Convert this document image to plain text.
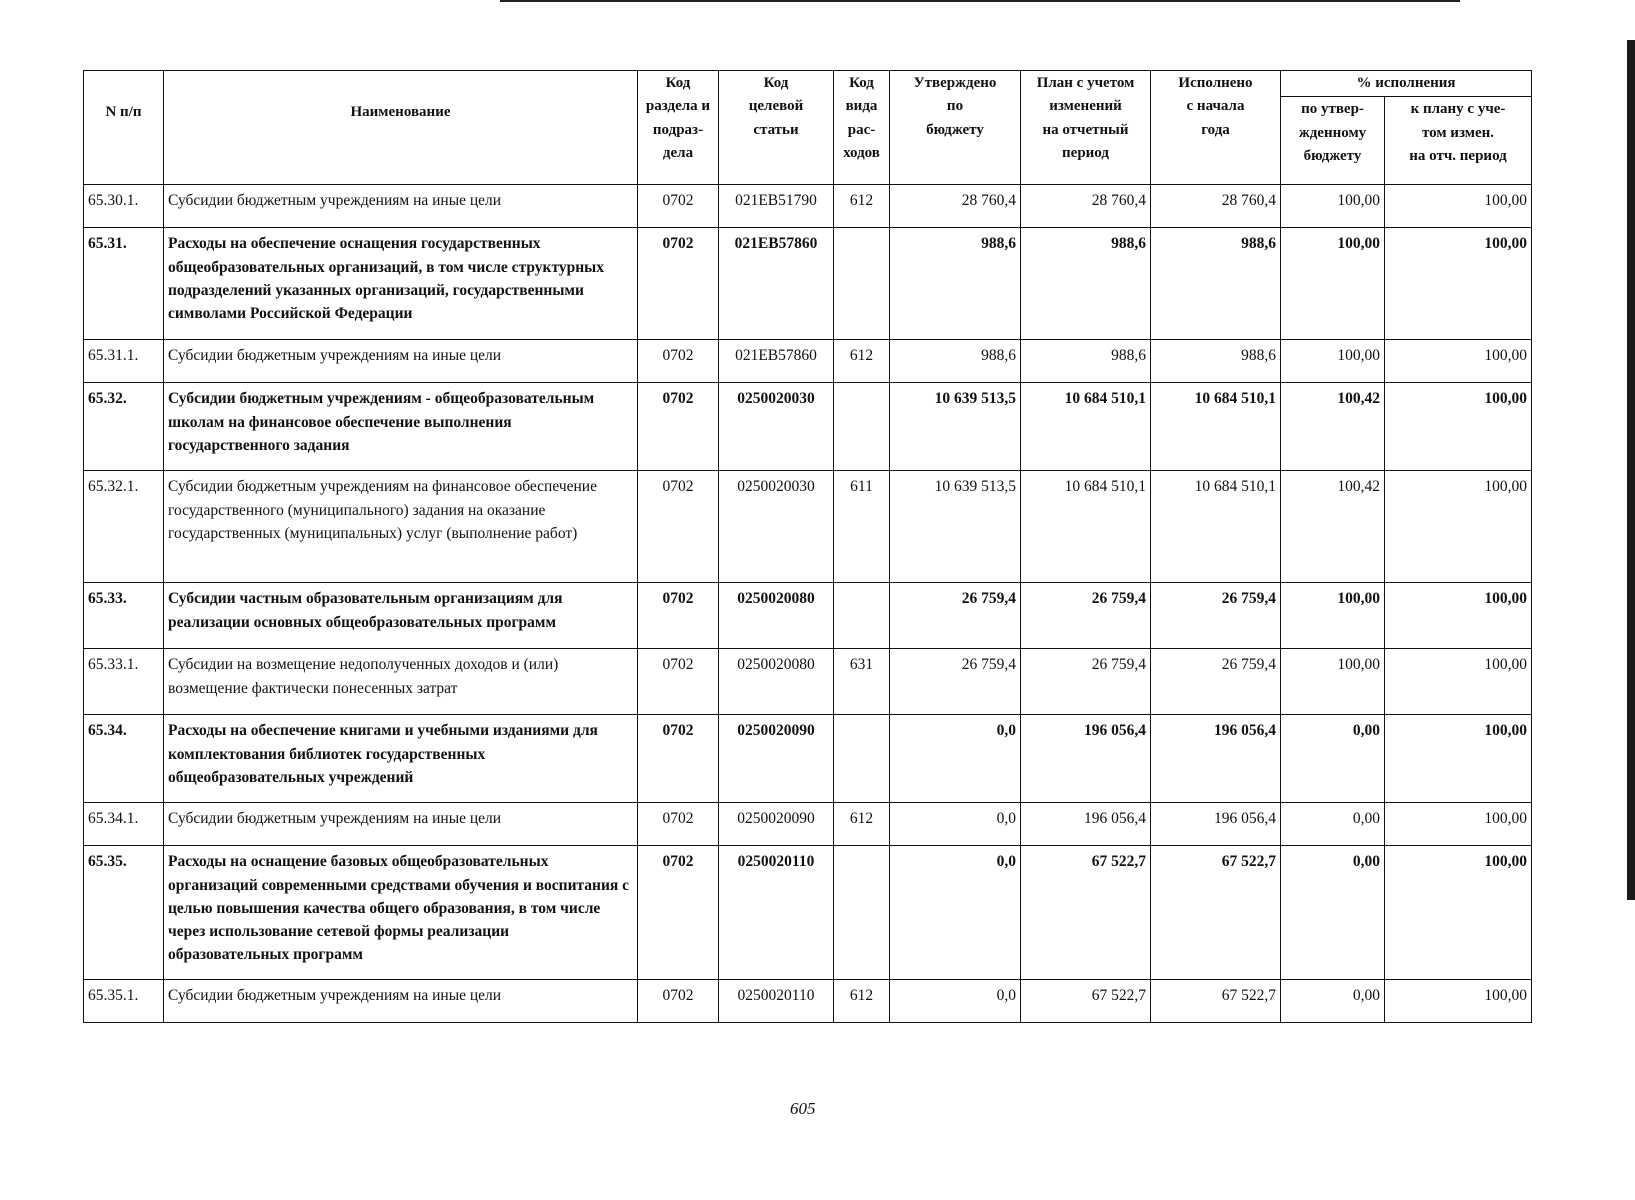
N п/п	Наименование	Код
раздела и
подраз-
дела	Код
целевой
статьи	Код
вида
рас-
ходов	Утверждено
по
бюджету	План с учетом
изменений
на отчетный
период	Исполнено
с начала
года	% исполнения	
								по утвер-
жденному
бюджету	к плану с уче-
том измен.
на отч. период
65.30.1.	Субсидии бюджетным учреждениям на иные цели	0702	021EB51790	612	28 760,4	28 760,4	28 760,4	100,00	100,00
65.31.	Расходы на обеспечение оснащения государственных общеобразовательных организаций, в том числе структурных подразделений указанных организаций, государственными символами Российской Федерации	0702	021EB57860		988,6	988,6	988,6	100,00	100,00
65.31.1.	Субсидии бюджетным учреждениям на иные цели	0702	021EB57860	612	988,6	988,6	988,6	100,00	100,00
65.32.	Субсидии бюджетным учреждениям - общеобразовательным школам на финансовое обеспечение выполнения государственного задания	0702	0250020030		10 639 513,5	10 684 510,1	10 684 510,1	100,42	100,00
65.32.1.	Субсидии бюджетным учреждениям на финансовое обеспечение государственного (муниципального) задания на оказание государственных (муниципальных) услуг (выполнение работ)	0702	0250020030	611	10 639 513,5	10 684 510,1	10 684 510,1	100,42	100,00
65.33.	Субсидии частным образовательным организациям для реализации основных общеобразовательных программ	0702	0250020080		26 759,4	26 759,4	26 759,4	100,00	100,00
65.33.1.	Субсидии на возмещение недополученных доходов и (или) возмещение фактически понесенных затрат	0702	0250020080	631	26 759,4	26 759,4	26 759,4	100,00	100,00
65.34.	Расходы на обеспечение книгами и учебными изданиями для комплектования библиотек государственных общеобразовательных учреждений	0702	0250020090		0,0	196 056,4	196 056,4	0,00	100,00
65.34.1.	Субсидии бюджетным учреждениям на иные цели	0702	0250020090	612	0,0	196 056,4	196 056,4	0,00	100,00
65.35.	Расходы на оснащение базовых общеобразовательных организаций современными средствами обучения и воспитания с целью повышения качества общего образования, в том числе через использование сетевой формы реализации образовательных программ	0702	0250020110		0,0	67 522,7	67 522,7	0,00	100,00
65.35.1.	Субсидии бюджетным учреждениям на иные цели	0702	0250020110	612	0,0	67 522,7	67 522,7	0,00	100,00
605
